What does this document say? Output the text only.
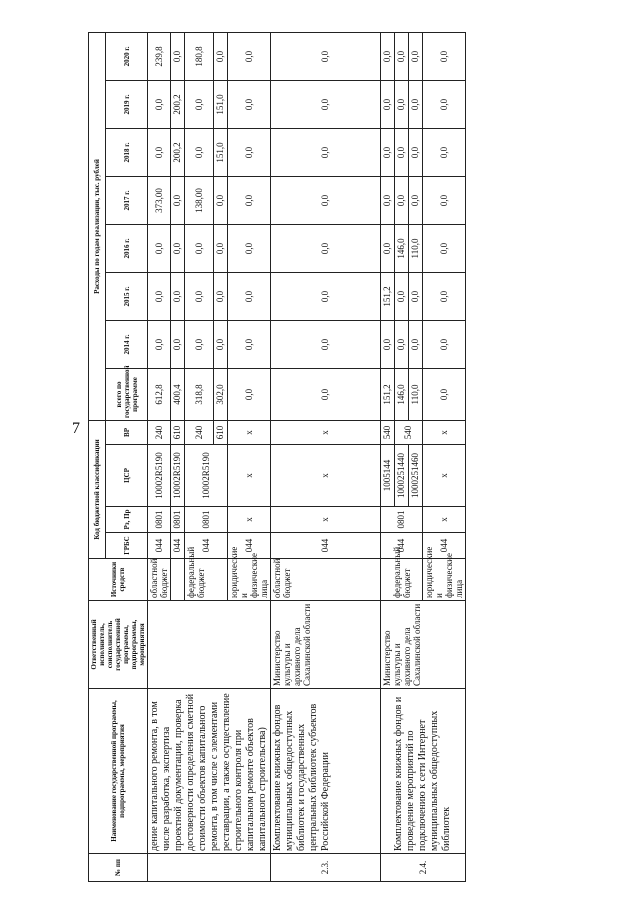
7
№ пп	Наименование государственной программы, подпрограммы, мероприятия	Ответственный исполнитель, соисполнитель государственной программы, подпрограммы, мероприятия	Источники средств	Код бюджетной классификации				Расходы по годам реализации, тыс. рублей							
				ГРБС	Рз, Пр	ЦСР	ВР	всего по государственной программе	2014 г.	2015 г.	2016 г.	2017 г.	2018 г.	2019 г.	2020 г.
	дение капитального ремонта, в том числе разработка, экспертиза проектной документации, проверка достоверности определения сметной стоимости объектов капитального ремонта, в том числе с элементами реставрации, а также осуществление строительного контроля при капитальном ремонте объектов капитального строительства)		областной бюджет	044	0801	10002R5190	240	612,8	0,0	0,0	0,0	373,00	0,0	0,0	239,8
				044	0801	10002R5190	610	400,4	0,0	0,0	0,0	0,0	200,2	200,2	0,0
			федеральный бюджет	044	0801	10002R5190	240	318,8	0,0	0,0	0,0	138,00	0,0	0,0	180,8
							610	302,0	0,0	0,0	0,0	0,0	151,0	151,0	0,0
			юридические и физические лица	044	х	х	х	0,0	0,0	0,0	0,0	0,0	0,0	0,0	0,0
2.3.	Комплектование книжных фондов муниципальных общедоступных библиотек и государственных центральных библиотек субъектов Российской Федерации	Министерство культуры и архивного дела Сахалинской области	областной бюджет	044	х	х	х	0,0	0,0	0,0	0,0	0,0	0,0	0,0	0,0
2.4.	Комплектование книжных фондов и проведение мероприятий по подключению к сети Интернет муниципальных общедоступных библиотек	Министерство культуры и архивного дела Сахалинской области	федеральный бюджет	044	0801	1005144	540	151,2	0,0	151,2	0,0	0,0	0,0	0,0	0,0
						1000251440	540	146,0	0,0	0,0	146,0	0,0	0,0	0,0	0,0
						1000251460		110,0	0,0	0,0	110,0	0,0	0,0	0,0	0,0
			юридические и физические лица	044	х	х	х	0,0	0,0	0,0	0,0	0,0	0,0	0,0	0,0
